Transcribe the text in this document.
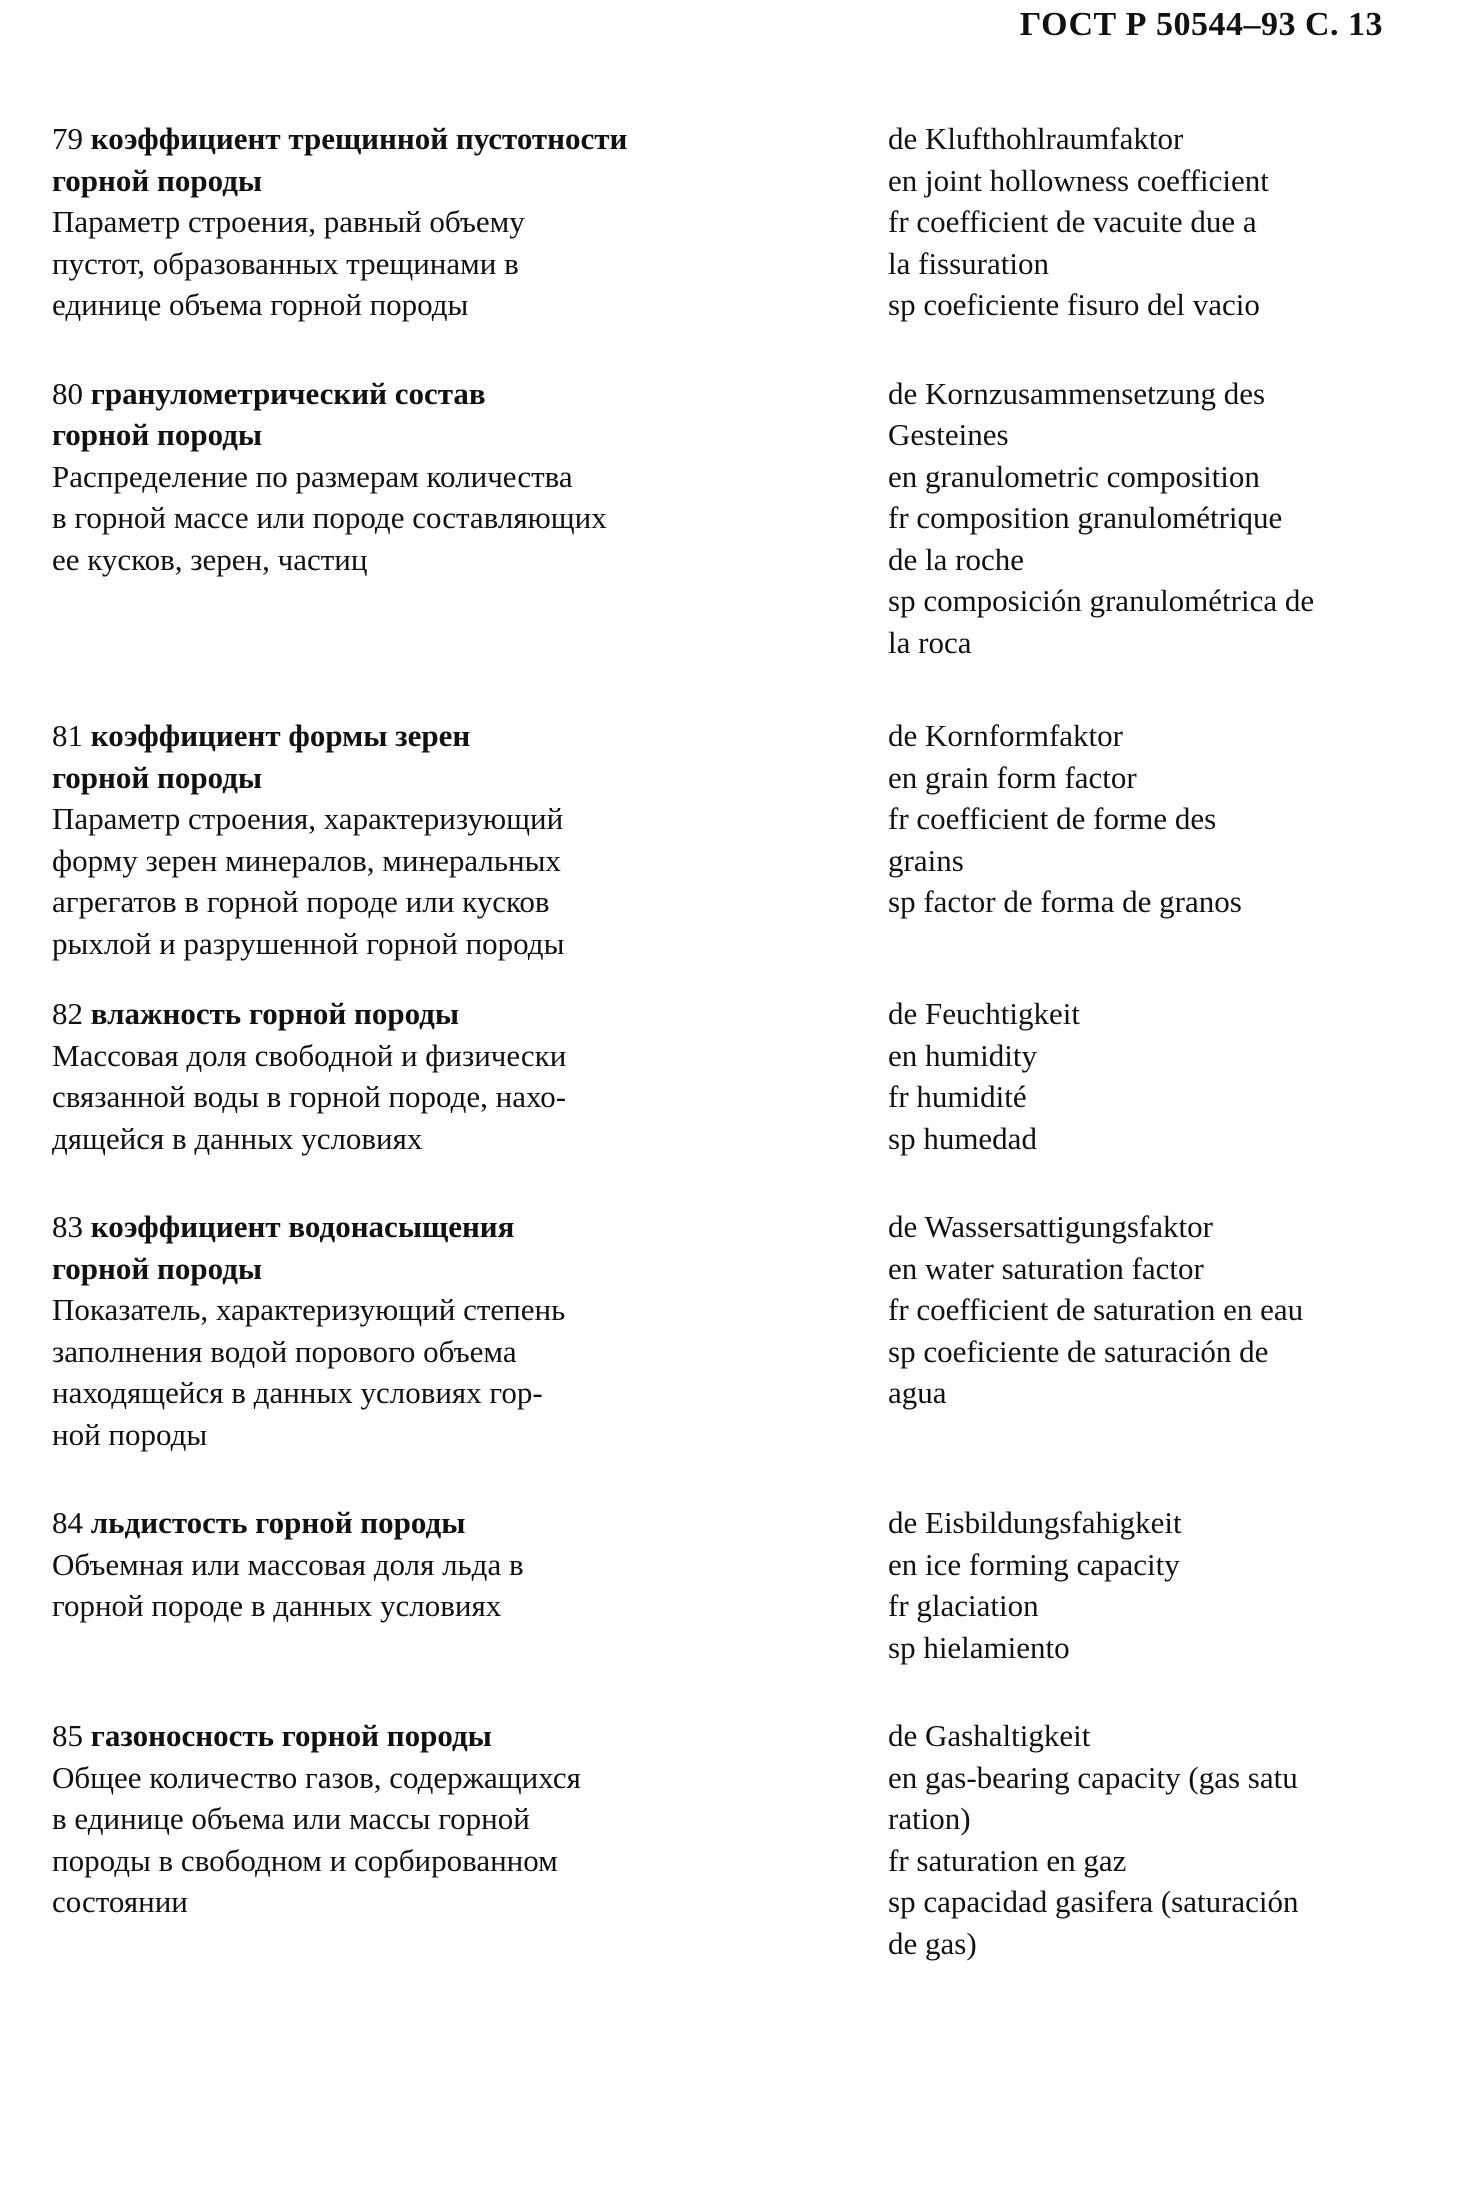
ГОСТ Р 50544–93 С. 13
79 коэффициент трещинной пустотности
горной породы
Параметр строения, равный объему
пустот, образованных трещинами в
единице объема горной породы
de Klufthohlraumfaktor
en joint hollowness coefficient
fr coefficient de vacuite due a
la fissuration
sp coeficiente fisuro del vacio
80 гранулометрический состав
горной породы
Распределение по размерам количества
в горной массе или породе составляющих
ее кусков, зерен, частиц
de Kornzusammensetzung des
Gesteines
en granulometric composition
fr composition granulométrique
de la roche
sp composición granulométrica de
la roca
81 коэффициент формы зерен
горной породы
Параметр строения, характеризующий
форму зерен минералов, минеральных
агрегатов в горной породе или кусков
рыхлой и разрушенной горной породы
de Kornformfaktor
en grain form factor
fr coefficient de forme des
grains
sp factor de forma de granos
82 влажность горной породы
Массовая доля свободной и физически
связанной воды в горной породе, нахо-
дящейся в данных условиях
de Feuchtigkeit
en humidity
fr humidité
sp humedad
83 коэффициент водонасыщения
горной породы
Показатель, характеризующий степень
заполнения водой порового объема
находящейся в данных условиях гор-
ной породы
de Wassersattigungsfaktor
en water saturation factor
fr coefficient de saturation en eau
sp coeficiente de saturación de
agua
84 льдистость горной породы
Объемная или массовая доля льда в
горной породе в данных условиях
de Eisbildungsfahigkeit
en ice forming capacity
fr glaciation
sp hielamiento
85 газоносность горной породы
Общее количество газов, содержащихся
в единице объема или массы горной
породы в свободном и сорбированном
состоянии
de Gashaltigkeit
en gas-bearing capacity (gas satu
ration)
fr saturation en gaz
sp capacidad gasifera (saturación
de gas)
